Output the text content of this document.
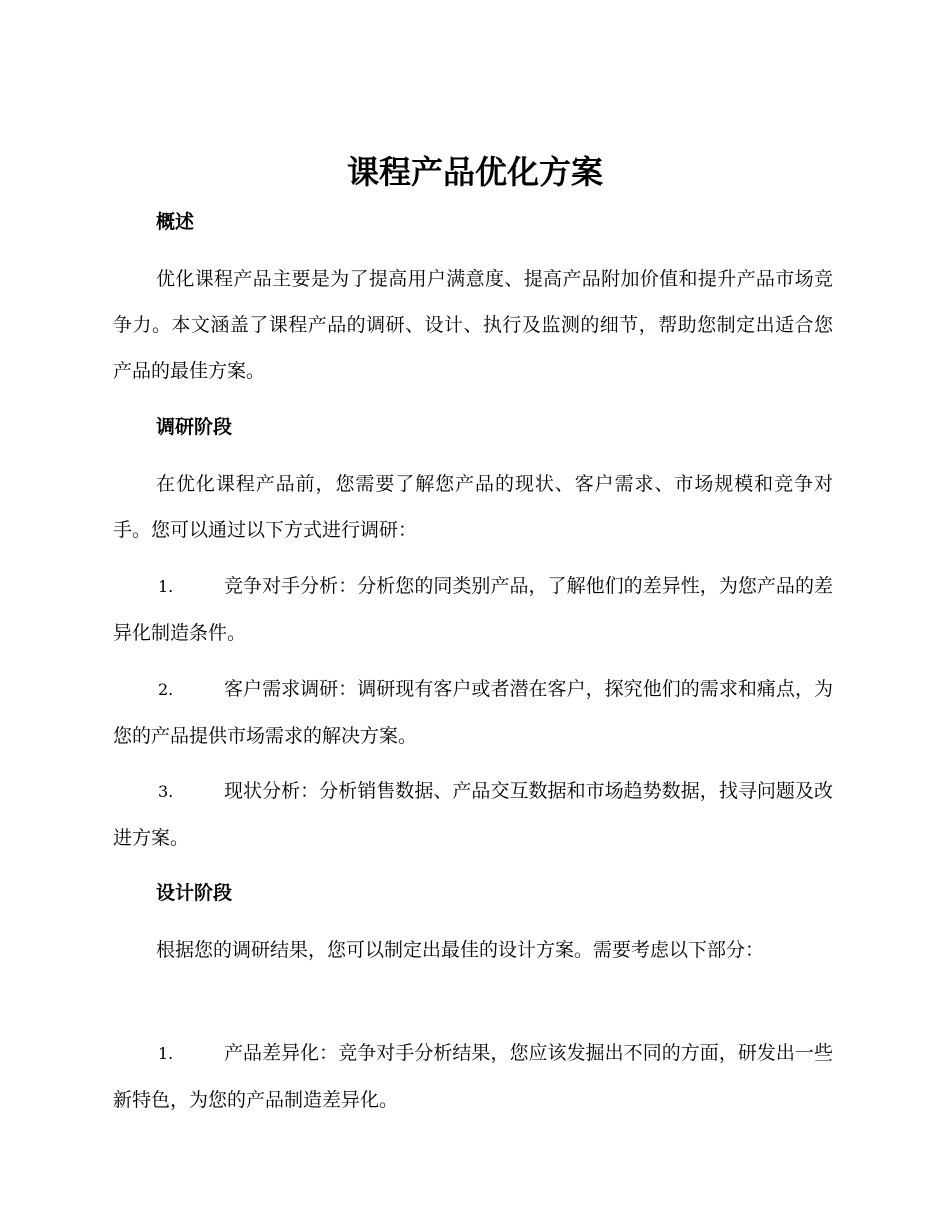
课程产品优化方案
概述

优化课程产品主要是为了提高用户满意度、提高产品附加价值和提升产品市场竞争力。本文涵盖了课程产品的调研、设计、执行及监测的细节，帮助您制定出适合您产品的最佳方案。

调研阶段

在优化课程产品前，您需要了解您产品的现状、客户需求、市场规模和竞争对手。您可以通过以下方式进行调研：

1.	竞争对手分析：分析您的同类别产品，了解他们的差异性，为您产品的差异化制造条件。
2.	客户需求调研：调研现有客户或者潜在客户，探究他们的需求和痛点，为您的产品提供市场需求的解决方案。
3.	现状分析：分析销售数据、产品交互数据和市场趋势数据，找寻问题及改进方案。
设计阶段

根据您的调研结果，您可以制定出最佳的设计方案。需要考虑以下部分：

1.	产品差异化：竞争对手分析结果，您应该发掘出不同的方面，研发出一些新特色，为您的产品制造差异化。
